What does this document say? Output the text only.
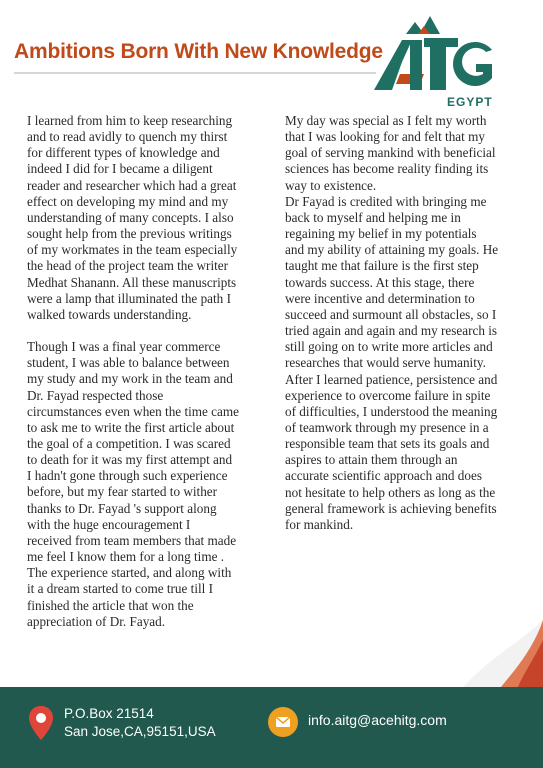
Ambitions Born With New Knowledge
EGYPT

I learned from him to keep researching
and to read avidly to quench my thirst
for different types of knowledge and
indeed I did for I became a diligent
reader and researcher which had a great
effect on developing my mind and my
understanding of many concepts. I also
sought help from the previous writings
of my workmates in the team especially
the head of the project team the writer
Medhat Shanann. All these manuscripts
were a lamp that illuminated the path I
walked towards understanding.

Though I was a final year commerce
student, I was able to balance between
my study and my work in the team and
Dr. Fayad respected those
circumstances even when the time came
to ask me to write the first article about
the goal of a competition. I was scared
to death for it was my first attempt and
I hadn't gone through such experience
before, but my fear started to wither
thanks to Dr. Fayad 's support along
with the huge encouragement I
received from team members that made
me feel I know them for a long time .
The experience started, and along with
it a dream started to come true till I
finished the article that won the
appreciation of Dr. Fayad.

My day was special as I felt my worth
that I was looking for and felt that my
goal of serving mankind with beneficial
sciences has become reality finding its
way to existence.
Dr Fayad is credited with bringing me
back to myself and helping me in
regaining my belief in my potentials
and my ability of attaining my goals. He
taught me that failure is the first step
towards success. At this stage, there
were incentive and determination to
succeed and surmount all obstacles, so I
tried again and again and my research is
still going on to write more articles and
researches that would serve humanity.
After I learned patience, persistence and
experience to overcome failure in spite
of difficulties, I understood the meaning
of teamwork through my presence in a
responsible team that sets its goals and
aspires to attain them through an
accurate scientific approach and does
not hesitate to help others as long as the
general framework is achieving benefits
for mankind.

P.O.Box 21514
San Jose,CA,95151,USA
info.aitg@acehitg.com
